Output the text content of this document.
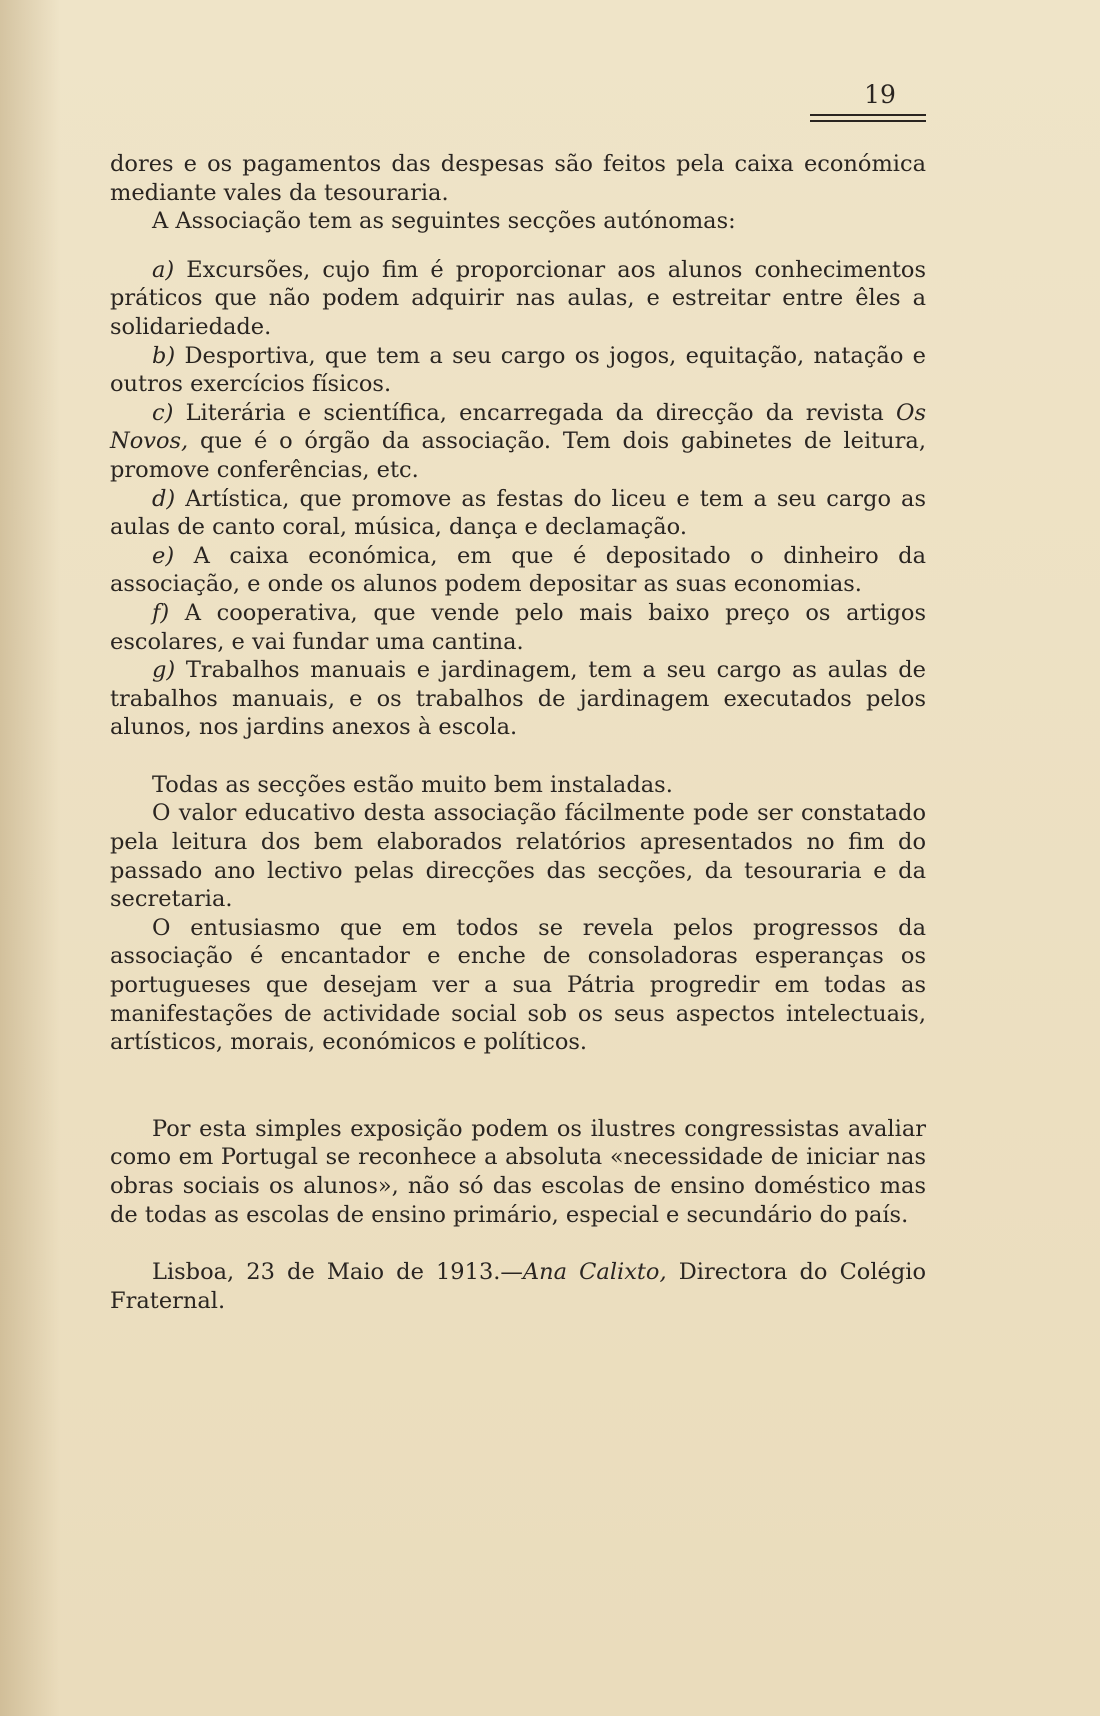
19

dores e os pagamentos das despesas são feitos pela caixa económica mediante vales da tesouraria.

A Associação tem as seguintes secções autónomas:

a) Excursões, cujo fim é proporcionar aos alunos conhecimentos práticos que não podem adquirir nas aulas, e estreitar entre êles a solidariedade.

b) Desportiva, que tem a seu cargo os jogos, equitação, natação e outros exercícios físicos.

c) Literária e scientífica, encarregada da direcção da revista Os Novos, que é o órgão da associação. Tem dois gabinetes de leitura, promove conferências, etc.

d) Artística, que promove as festas do liceu e tem a seu cargo as aulas de canto coral, música, dança e declamação.

e) A caixa económica, em que é depositado o dinheiro da associação, e onde os alunos podem depositar as suas economias.

f) A cooperativa, que vende pelo mais baixo preço os artigos escolares, e vai fundar uma cantina.

g) Trabalhos manuais e jardinagem, tem a seu cargo as aulas de trabalhos manuais, e os trabalhos de jardinagem executados pelos alunos, nos jardins anexos à escola.

Todas as secções estão muito bem instaladas.

O valor educativo desta associação fácilmente pode ser constatado pela leitura dos bem elaborados relatórios apresentados no fim do passado ano lectivo pelas direcções das secções, da tesouraria e da secretaria.

O entusiasmo que em todos se revela pelos progressos da associação é encantador e enche de consoladoras esperanças os portugueses que desejam ver a sua Pátria progredir em todas as manifestações de actividade social sob os seus aspectos intelectuais, artísticos, morais, económicos e políticos.

Por esta simples exposição podem os ilustres congressistas avaliar como em Portugal se reconhece a absoluta «necessidade de iniciar nas obras sociais os alunos», não só das escolas de ensino doméstico mas de todas as escolas de ensino primário, especial e secundário do país.

Lisboa, 23 de Maio de 1913.—Ana Calixto, Directora do Colégio Fraternal.
